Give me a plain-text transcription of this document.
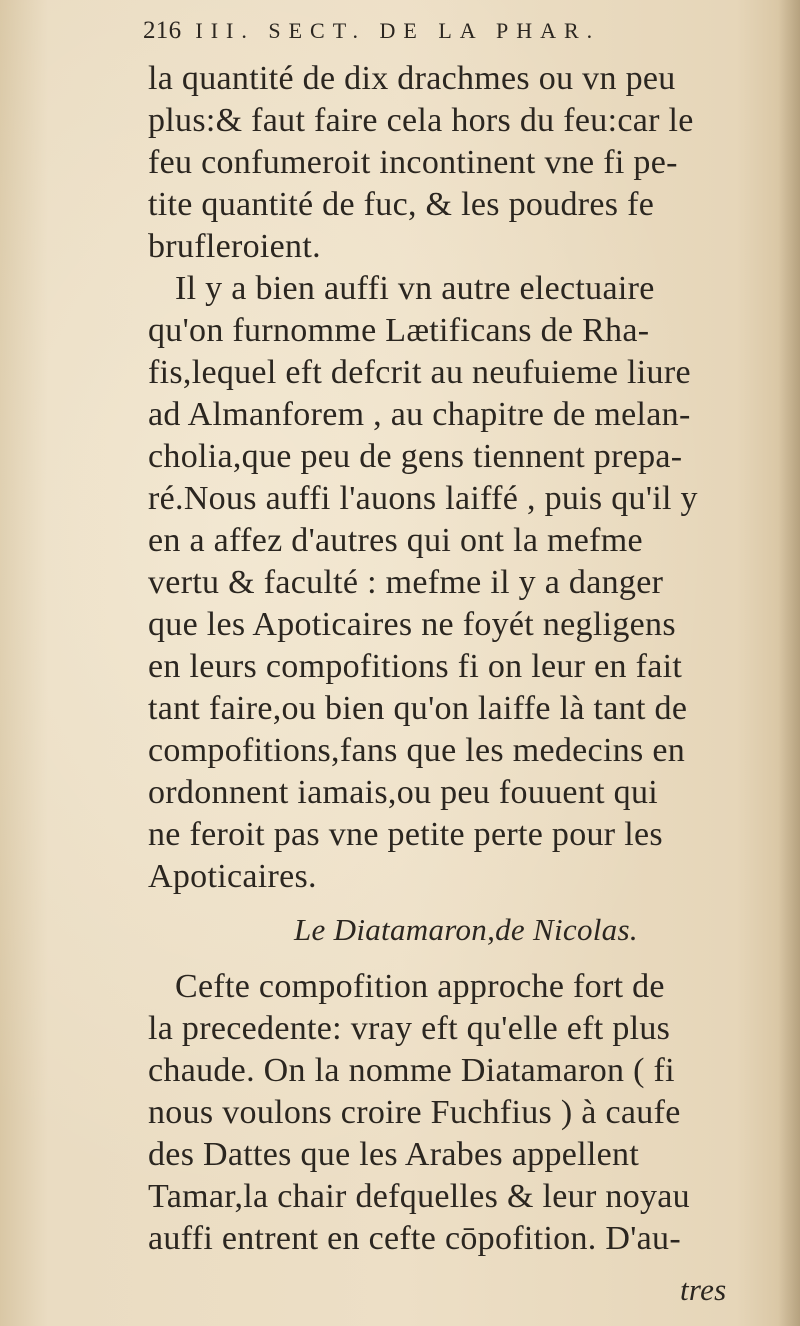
216 III. SECT. DE LA PHAR.
la quantité de dix drachmes ou vn peu
plus:& faut faire cela hors du feu:car le
feu confumeroit incontinent vne fi pe-
tite quantité de fuc, & les poudres fe
brufleroient.
Il y a bien auffi vn autre electuaire
qu'on furnomme Lætificans de Rha-
fis,lequel eft defcrit au neufuieme liure
ad Almanforem , au chapitre de melan-
cholia,que peu de gens tiennent prepa-
ré.Nous auffi l'auons laiffé , puis qu'il y
en a affez d'autres qui ont la mefme
vertu & faculté : mefme il y a danger
que les Apoticaires ne foyét negligens
en leurs compofitions fi on leur en fait
tant faire,ou bien qu'on laiffe là tant de
compofitions,fans que les medecins en
ordonnent iamais,ou peu fouuent qui
ne feroit pas vne petite perte pour les
Apoticaires.
Le Diatamaron,de Nicolas.
Cefte compofition approche fort de
la precedente: vray eft qu'elle eft plus
chaude. On la nomme Diatamaron ( fi
nous voulons croire Fuchfius ) à caufe
des Dattes que les Arabes appellent
Tamar,la chair defquelles & leur noyau
auffi entrent en cefte cōpofition. D'au-
tres
